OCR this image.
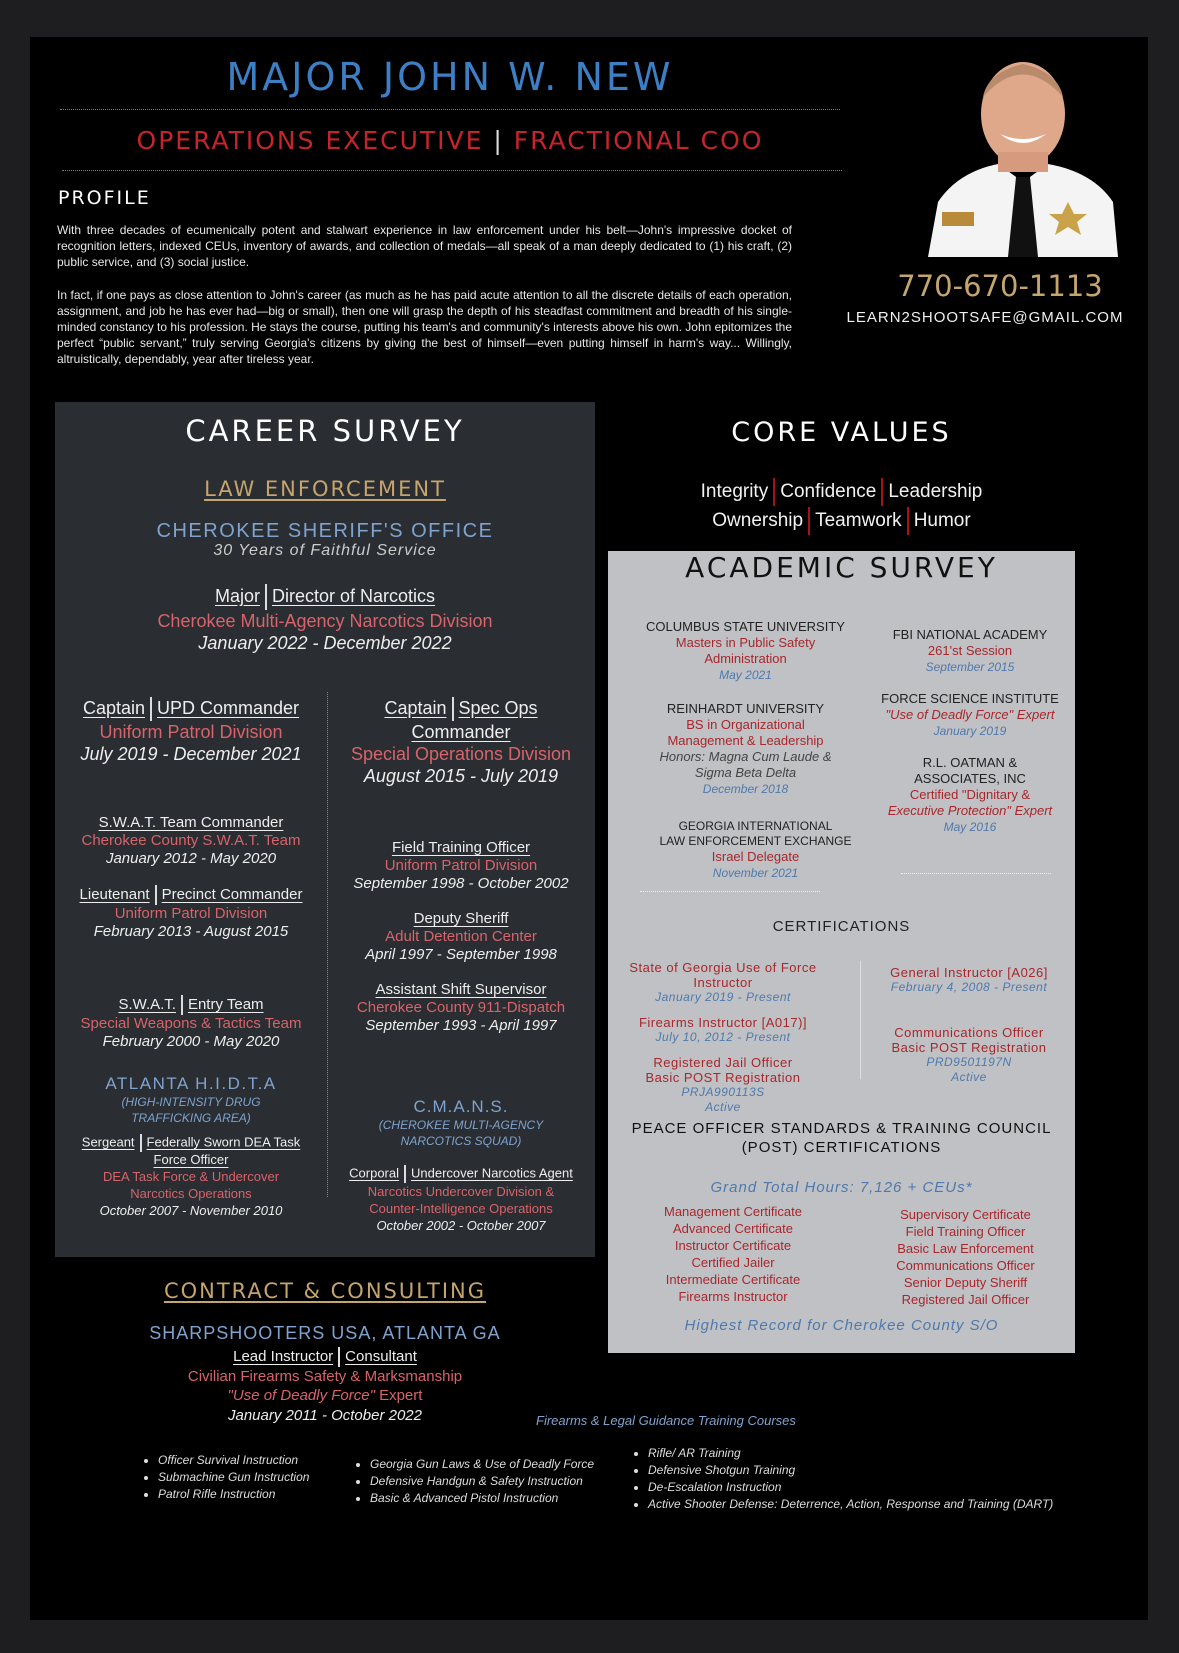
MAJOR JOHN W. NEW
OPERATIONS EXECUTIVE | FRACTIONAL COO
770-670-1113
LEARN2SHOOTSAFE@GMAIL.COM
PROFILE
With three decades of ecumenically potent and stalwart experience in law enforcement under his belt—John's impressive docket of recognition letters, indexed CEUs, inventory of awards, and collection of medals—all speak of a man deeply dedicated to (1) his craft, (2) public service, and (3) social justice.
In fact, if one pays as close attention to John's career (as much as he has paid acute attention to all the discrete details of each operation, assignment, and job he has ever had—big or small), then one will grasp the depth of his steadfast commitment and breadth of his single-minded constancy to his profession. He stays the course, putting his team's and community's interests above his own. John epitomizes the perfect “public servant,” truly serving Georgia's citizens by giving the best of himself—even putting himself in harm's way... Willingly, altruistically, dependably, year after tireless year.
CAREER SURVEY
LAW ENFORCEMENT
CHEROKEE SHERIFF'S OFFICE
30 Years of Faithful Service
Major Director of Narcotics
Cherokee Multi-Agency Narcotics Division
January 2022 - December 2022
Captain UPD Commander
Uniform Patrol Division
July 2019 - December 2021
S.W.A.T. Team Commander
Cherokee County S.W.A.T. Team
January 2012 - May 2020
Lieutenant Precinct Commander
Uniform Patrol Division
February 2013 - August 2015
S.W.A.T. Entry Team
Special Weapons & Tactics Team
February 2000 - May 2020
ATLANTA H.I.D.T.A
(HIGH-INTENSITY DRUG
TRAFFICKING AREA)
Sergeant Federally Sworn DEA Task
Force Officer
DEA Task Force & Undercover
Narcotics Operations
October 2007 - November 2010
Captain Spec Ops
Commander
Special Operations Division
August 2015 - July 2019
Field Training Officer
Uniform Patrol Division
September 1998 - October 2002
Deputy Sheriff
Adult Detention Center
April 1997 - September 1998
Assistant Shift Supervisor
Cherokee County 911-Dispatch
September 1993 - April 1997
C.M.A.N.S.
(CHEROKEE MULTI-AGENCY
NARCOTICS SQUAD)
Corporal Undercover Narcotics Agent
Narcotics Undercover Division &
Counter-Intelligence Operations
October 2002 - October 2007
CORE VALUES
Integrity Confidence Leadership
Ownership Teamwork Humor
ACADEMIC SURVEY
COLUMBUS STATE UNIVERSITY
Masters in Public Safety
Administration
May 2021
REINHARDT UNIVERSITY
BS in Organizational
Management & Leadership
Honors: Magna Cum Laude &
Sigma Beta Delta
December 2018
GEORGIA INTERNATIONAL
LAW ENFORCEMENT EXCHANGE
Israel Delegate
November 2021
FBI NATIONAL ACADEMY
261'st Session
September 2015
FORCE SCIENCE INSTITUTE
"Use of Deadly Force" Expert
January 2019
R.L. OATMAN &
ASSOCIATES, INC
Certified "Dignitary &
Executive Protection" Expert
May 2016
CERTIFICATIONS
State of Georgia Use of Force
Instructor
January 2019 - Present
Firearms Instructor [A017)]
July 10, 2012 - Present
Registered Jail Officer
Basic POST Registration
PRJA990113S
Active
General Instructor [A026]
February 4, 2008 - Present
Communications Officer
Basic POST Registration
PRD9501197N
Active
PEACE OFFICER STANDARDS & TRAINING COUNCIL
(POST) CERTIFICATIONS
Grand Total Hours: 7,126 + CEUs*
Management Certificate
Advanced Certificate
Instructor Certificate
Certified Jailer
Intermediate Certificate
Firearms Instructor
Supervisory Certificate
Field Training Officer
Basic Law Enforcement
Communications Officer
Senior Deputy Sheriff
Registered Jail Officer
Highest Record for Cherokee County S/O
CONTRACT & CONSULTING
SHARPSHOOTERS USA, ATLANTA GA
Lead Instructor Consultant
Civilian Firearms Safety & Marksmanship
"Use of Deadly Force" Expert
January 2011 - October 2022	Firearms & Legal Guidance Training Courses
• Officer Survival Instruction
• Submachine Gun Instruction
• Patrol Rifle Instruction
• Georgia Gun Laws & Use of Deadly Force
• Defensive Handgun & Safety Instruction
• Basic & Advanced Pistol Instruction
• Rifle/ AR Training
• Defensive Shotgun Training
• De-Escalation Instruction
• Active Shooter Defense: Deterrence, Action, Response and Training (DART)
